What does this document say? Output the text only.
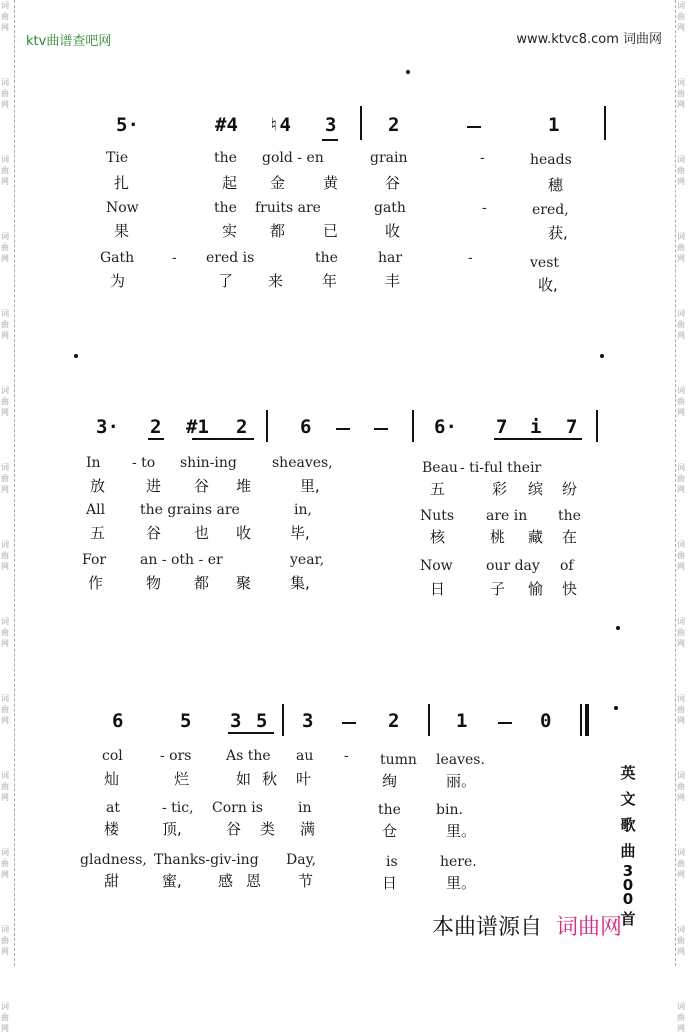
词曲网
词曲网
词曲网
词曲网
词曲网
词曲网
词曲网
词曲网
词曲网
词曲网
词曲网
词曲网
词曲网
词曲网
词曲网
词曲网
词曲网
词曲网
词曲网
词曲网
词曲网
词曲网
词曲网
词曲网
词曲网
词曲网
词曲网
词曲网
ktv曲谱查吧网	www.ktvc8.com 词曲网
5·	#4 ♮4 3	2	1
Tie	the gold - en	grain	-	heads
扎	起 金	黄	谷	穗
Now	the fruits are	gath	-	ered,
果	实 都	已	收	获,
Gath	- ered is	the	har	-	vest
为	了 来	年	丰	收,
3· 2 #1 2	6	6· 7 i 7
In - to shin-ing	sheaves,	Beau - ti-ful their
放	进 谷 堆	里,	五	彩 缤 纷
All the grains are	in,	Nuts are in the
五	谷 也 收	毕,	核	桃 藏 在
For an - oth - er	year,	Now our day of
作	物 都 聚	集,	日	子 愉 快
6	5 3 5 3	2	1	0
col	- ors As the au - tumn leaves.
灿	烂	如 秋 叶	绚	丽。
at	- tic, Corn is	in	the	bin.
楼	顶,	谷 类 满	仓	里。
gladness, Thanks-giv-ing Day,	is	here.
甜	蜜, 感 恩 节	日	里。
英
文
歌
曲
3
0
0
首
本曲谱源自 词曲网
